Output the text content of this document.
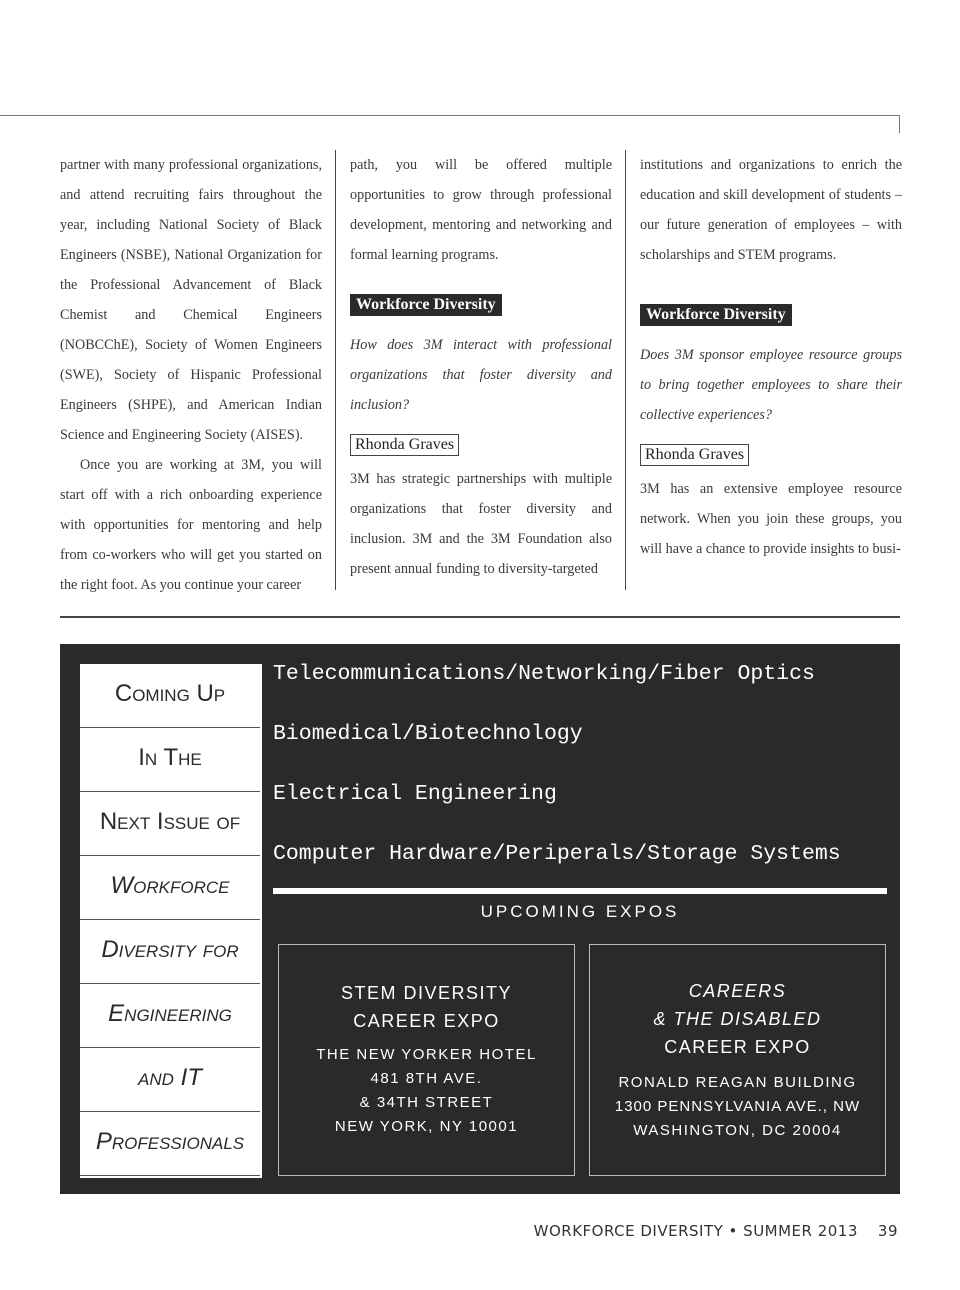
partner with many professional organizations, and attend recruiting fairs throughout the year, including National Society of Black Engineers (NSBE), National Organization for the Professional Advancement of Black Chemist and Chemical Engineers (NOBCChE), Society of Women Engineers (SWE), Society of Hispanic Professional Engineers (SHPE), and American Indian Science and Engineering Society (AISES).

Once you are working at 3M, you will start off with a rich onboarding experience with opportunities for mentoring and help from co-workers who will get you started on the right foot. As you continue your career

path, you will be offered multiple opportunities to grow through professional development, mentoring and networking and formal learning programs.

Workforce Diversity

How does 3M interact with professional organizations that foster diversity and inclusion?

Rhonda Graves

3M has strategic partnerships with multiple organizations that foster diversity and inclusion. 3M and the 3M Foundation also present annual funding to diversity-targeted

institutions and organizations to enrich the education and skill development of students – our future generation of employees – with scholarships and STEM programs.

Workforce Diversity

Does 3M sponsor employee resource groups to bring together employees to share their collective experiences?

Rhonda Graves

3M has an extensive employee resource network. When you join these groups, you will have a chance to provide insights to busi-

Coming Up
In The
Next Issue of
Workforce
Diversity for
Engineering
and IT
Professionals
Telecommunications/Networking/Fiber Optics
Biomedical/Biotechnology
Electrical Engineering
Computer Hardware/Periperals/Storage Systems
UPCOMING EXPOS
STEM DIVERSITY
CAREER EXPO
THE NEW YORKER HOTEL
481 8TH AVE.
& 34TH STREET
NEW YORK, NY 10001
CAREERS
& THE DISABLED
CAREER EXPO
RONALD REAGAN BUILDING
1300 PENNSYLVANIA AVE., NW
WASHINGTON, DC 20004
WORKFORCE DIVERSITY • SUMMER 2013 39
